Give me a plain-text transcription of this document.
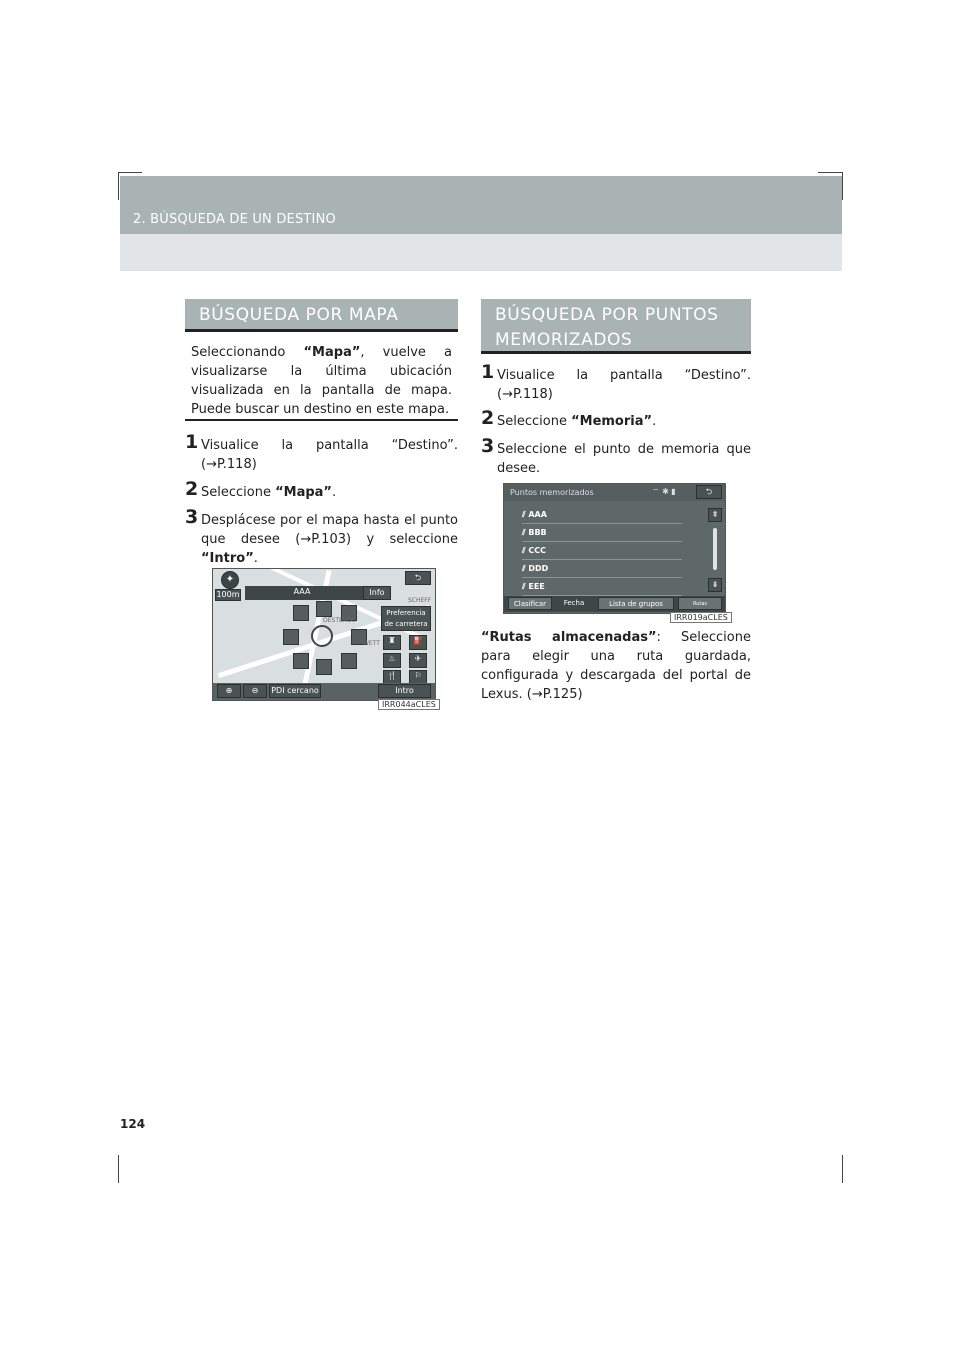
2. BÚSQUEDA DE UN DESTINO
BÚSQUEDA POR MAPA
Seleccionando “Mapa”, vuelve a visualizarse la última ubicación visualizada en la pantalla de mapa. Puede buscar un destino en este mapa.
1 Visualice la pantalla “Destino”. (→P.118)
2 Seleccione “Mapa”.
3 Desplácese por el mapa hasta el punto que desee (→P.103) y seleccione “Intro”.
✦
100m	AAA	Info
⮌
Preferencia de carretera
♜	⛽
♨	✈
🍴	⚐
OESTENDE
SCHEFF
WETT
⊕	⊖	PDI cercano	Intro
IRR044aCLES
BÚSQUEDA POR PUNTOS
MEMORIZADOS
1 Visualice la pantalla “Destino”. (→P.118)
2 Seleccione “Memoria”.
3 Seleccione el punto de memoria que desee.
Puntos memorizados	⌔ ✱ ▮	⮌
⫽ AAA
⫽ BBB
⫽ CCC
⫽ DDD
⫽ EEE
⇞
⇟
Clasificar	Fecha	Lista de grupos	Rutas
IRR019aCLES
“Rutas almacenadas”: Seleccione para elegir una ruta guardada, configurada y descargada del portal de Lexus. (→P.125)
124
